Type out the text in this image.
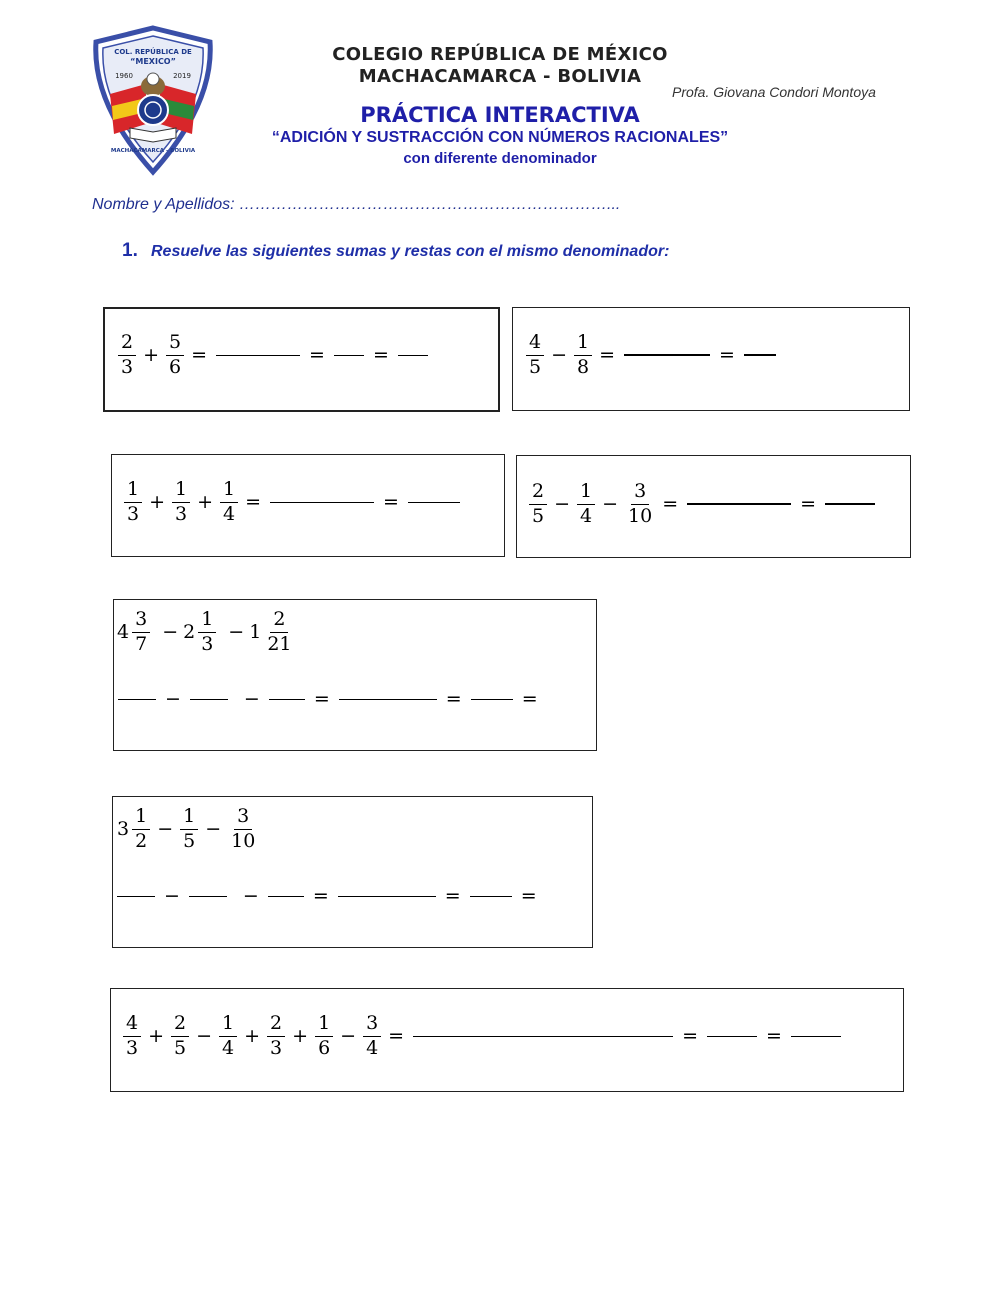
COL. REPÚBLICA DE
“MEXICO”
1960	2019
MACHACAMARCA - BOLIVIA
COLEGIO REPÚBLICA DE MÉXICO
MACHACAMARCA - BOLIVIA
Profa. Giovana Condori Montoya
PRÁCTICA INTERACTIVA
“ADICIÓN Y SUSTRACCIÓN CON NÚMEROS RACIONALES”
con diferente denominador
Nombre y Apellidos: ……………………………………………………………...
1. Resuelve las siguientes sumas y restas con el mismo denominador:
$\frac{2}{3} + \frac{5}{6}$ =	=	=	$\frac{4}{5} - \frac{1}{8}$ =	=
$\frac{1}{3} + \frac{1}{3} + \frac{1}{4}$ =	=	$\frac{2}{5} - \frac{1}{4} - \frac{3}{10}$ =	=
$4 \frac{3}{7} - 2 \frac{1}{3} - 1 \frac{2}{21}$
−	−	=	=	=
$3 \frac{1}{2} - \frac{1}{5} - \frac{3}{10}$
−	−	=	=	=
$\frac{4}{3} + \frac{2}{5} - \frac{1}{4} + \frac{2}{3} + \frac{1}{6} - \frac{3}{4}$ =	=	=
